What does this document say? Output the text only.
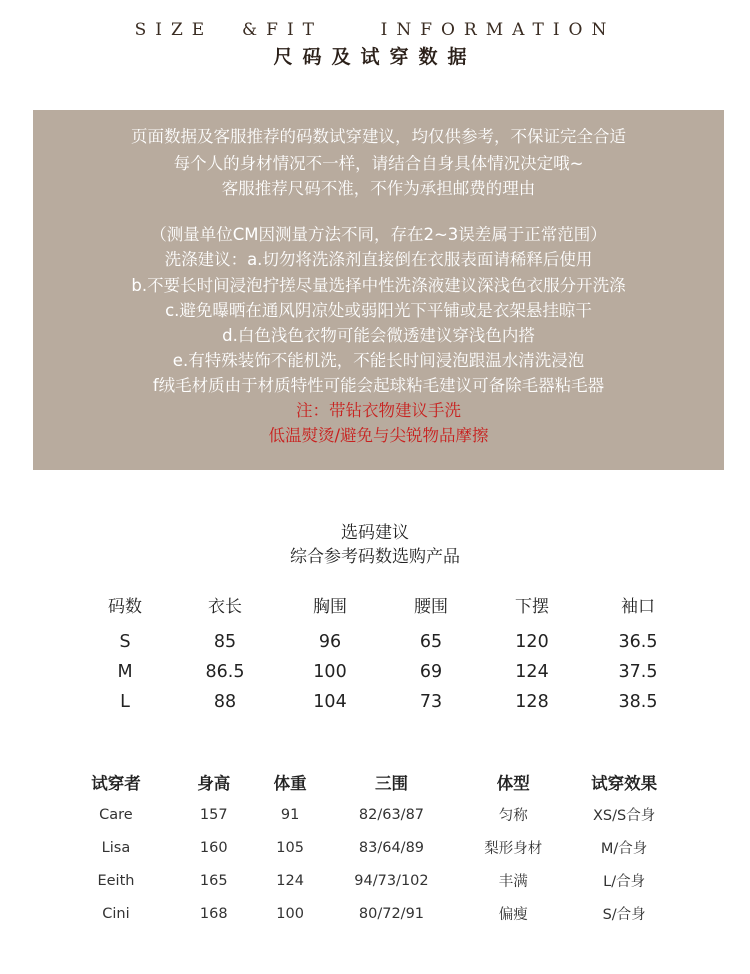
SIZE  &FIT    INFORMATION
尺码及试穿数据
页面数据及客服推荐的码数试穿建议，均仅供参考，不保证完全合适
每个人的身材情况不一样，请结合自身具体情况决定哦~
客服推荐尺码不准，不作为承担邮费的理由
（测量单位CM因测量方法不同，存在2~3误差属于正常范围）
洗涤建议：a.切勿将洗涤剂直接倒在衣服表面请稀释后使用
b.不要长时间浸泡拧搓尽量选择中性洗涤液建议深浅色衣服分开洗涤
c.避免曝晒在通风阴凉处或弱阳光下平铺或是衣架悬挂晾干
d.白色浅色衣物可能会微透建议穿浅色内搭
e.有特殊装饰不能机洗，不能长时间浸泡跟温水清洗浸泡
f绒毛材质由于材质特性可能会起球粘毛建议可备除毛器粘毛器
注：带钻衣物建议手洗
低温熨烫/避免与尖锐物品摩擦
选码建议
综合参考码数选购产品
码数	衣长	胸围	腰围	下摆	袖口

S	85	96	65	120	36.5
M	86.5	100	69	124	37.5
L	88	104	73	128	38.5
试穿者	身高	体重	三围	体型	试穿效果
Care	157	91	82/63/87	匀称	XS/S合身
Lisa	160	105	83/64/89	梨形身材	M/合身
Eeith	165	124	94/73/102	丰满	L/合身
Cini	168	100	80/72/91	偏瘦	S/合身
